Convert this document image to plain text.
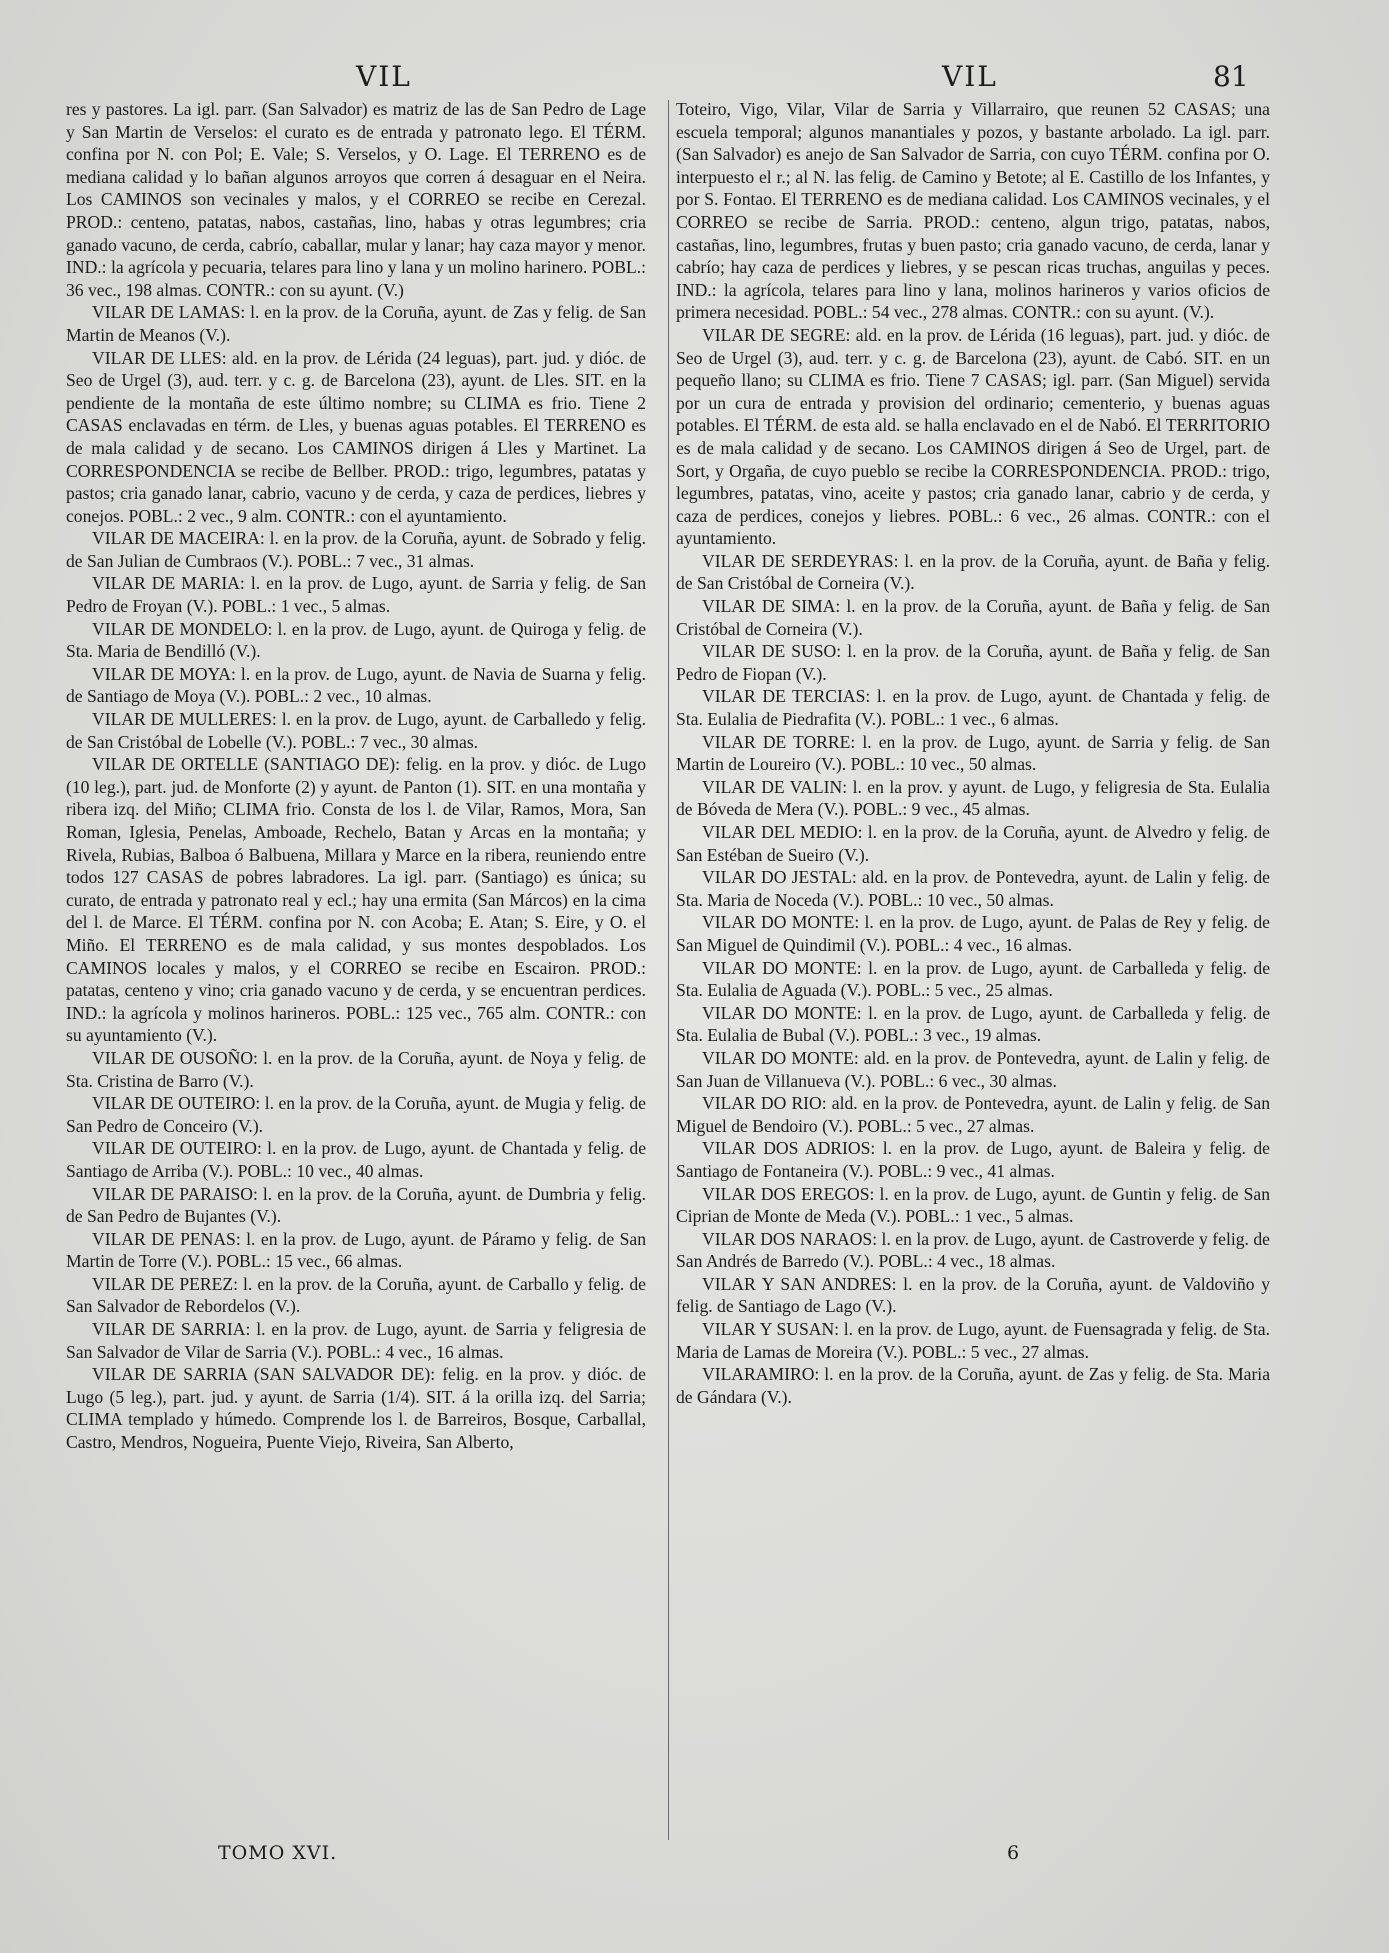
VIL	VIL	81

res y pastores. La igl. parr. (San Salvador) es matriz de las de San Pedro de Lage y San Martin de Verselos: el curato es de entrada y patronato lego. El TÉRM. confina por N. con Pol; E. Vale; S. Verselos, y O. Lage. El TERRENO es de mediana calidad y lo bañan algunos arroyos que corren á desaguar en el Neira. Los CAMINOS son vecinales y malos, y el CORREO se recibe en Cerezal. PROD.: centeno, patatas, nabos, castañas, lino, habas y otras legumbres; cria ganado vacuno, de cerda, cabrío, caballar, mular y lanar; hay caza mayor y menor. IND.: la agrícola y pecuaria, telares para lino y lana y un molino harinero. POBL.: 36 vec., 198 almas. CONTR.: con su ayunt. (V.)

VILAR DE LAMAS: l. en la prov. de la Coruña, ayunt. de Zas y felig. de San Martin de Meanos (V.).

VILAR DE LLES: ald. en la prov. de Lérida (24 leguas), part. jud. y dióc. de Seo de Urgel (3), aud. terr. y c. g. de Barcelona (23), ayunt. de Lles. SIT. en la pendiente de la montaña de este último nombre; su CLIMA es frio. Tiene 2 CASAS enclavadas en térm. de Lles, y buenas aguas potables. El TERRENO es de mala calidad y de secano. Los CAMINOS dirigen á Lles y Martinet. La CORRESPONDENCIA se recibe de Bellber. PROD.: trigo, legumbres, patatas y pastos; cria ganado lanar, cabrio, vacuno y de cerda, y caza de perdices, liebres y conejos. POBL.: 2 vec., 9 alm. CONTR.: con el ayuntamiento.

VILAR DE MACEIRA: l. en la prov. de la Coruña, ayunt. de Sobrado y felig. de San Julian de Cumbraos (V.). POBL.: 7 vec., 31 almas.

VILAR DE MARIA: l. en la prov. de Lugo, ayunt. de Sarria y felig. de San Pedro de Froyan (V.). POBL.: 1 vec., 5 almas.

VILAR DE MONDELO: l. en la prov. de Lugo, ayunt. de Quiroga y felig. de Sta. Maria de Bendilló (V.).

VILAR DE MOYA: l. en la prov. de Lugo, ayunt. de Navia de Suarna y felig. de Santiago de Moya (V.). POBL.: 2 vec., 10 almas.

VILAR DE MULLERES: l. en la prov. de Lugo, ayunt. de Carballedo y felig. de San Cristóbal de Lobelle (V.). POBL.: 7 vec., 30 almas.

VILAR DE ORTELLE (SANTIAGO DE): felig. en la prov. y dióc. de Lugo (10 leg.), part. jud. de Monforte (2) y ayunt. de Panton (1). SIT. en una montaña y ribera izq. del Miño; CLIMA frio. Consta de los l. de Vilar, Ramos, Mora, San Roman, Iglesia, Penelas, Amboade, Rechelo, Batan y Arcas en la montaña; y Rivela, Rubias, Balboa ó Balbuena, Millara y Marce en la ribera, reuniendo entre todos 127 CASAS de pobres labradores. La igl. parr. (Santiago) es única; su curato, de entrada y patronato real y ecl.; hay una ermita (San Márcos) en la cima del l. de Marce. El TÉRM. confina por N. con Acoba; E. Atan; S. Eire, y O. el Miño. El TERRENO es de mala calidad, y sus montes despoblados. Los CAMINOS locales y malos, y el CORREO se recibe en Escairon. PROD.: patatas, centeno y vino; cria ganado vacuno y de cerda, y se encuentran perdices. IND.: la agrícola y molinos harineros. POBL.: 125 vec., 765 alm. CONTR.: con su ayuntamiento (V.).

VILAR DE OUSOÑO: l. en la prov. de la Coruña, ayunt. de Noya y felig. de Sta. Cristina de Barro (V.).

VILAR DE OUTEIRO: l. en la prov. de la Coruña, ayunt. de Mugia y felig. de San Pedro de Conceiro (V.).

VILAR DE OUTEIRO: l. en la prov. de Lugo, ayunt. de Chantada y felig. de Santiago de Arriba (V.). POBL.: 10 vec., 40 almas.

VILAR DE PARAISO: l. en la prov. de la Coruña, ayunt. de Dumbria y felig. de San Pedro de Bujantes (V.).

VILAR DE PENAS: l. en la prov. de Lugo, ayunt. de Páramo y felig. de San Martin de Torre (V.). POBL.: 15 vec., 66 almas.

VILAR DE PEREZ: l. en la prov. de la Coruña, ayunt. de Carballo y felig. de San Salvador de Rebordelos (V.).

VILAR DE SARRIA: l. en la prov. de Lugo, ayunt. de Sarria y feligresia de San Salvador de Vilar de Sarria (V.). POBL.: 4 vec., 16 almas.

VILAR DE SARRIA (SAN SALVADOR DE): felig. en la prov. y dióc. de Lugo (5 leg.), part. jud. y ayunt. de Sarria (1/4). SIT. á la orilla izq. del Sarria; CLIMA templado y húmedo. Comprende los l. de Barreiros, Bosque, Carballal, Castro, Mendros, Nogueira, Puente Viejo, Riveira, San Alberto,

Toteiro, Vigo, Vilar, Vilar de Sarria y Villarrairo, que reunen 52 CASAS; una escuela temporal; algunos manantiales y pozos, y bastante arbolado. La igl. parr. (San Salvador) es anejo de San Salvador de Sarria, con cuyo TÉRM. confina por O. interpuesto el r.; al N. las felig. de Camino y Betote; al E. Castillo de los Infantes, y por S. Fontao. El TERRENO es de mediana calidad. Los CAMINOS vecinales, y el CORREO se recibe de Sarria. PROD.: centeno, algun trigo, patatas, nabos, castañas, lino, legumbres, frutas y buen pasto; cria ganado vacuno, de cerda, lanar y cabrío; hay caza de perdices y liebres, y se pescan ricas truchas, anguilas y peces. IND.: la agrícola, telares para lino y lana, molinos harineros y varios oficios de primera necesidad. POBL.: 54 vec., 278 almas. CONTR.: con su ayunt. (V.).

VILAR DE SEGRE: ald. en la prov. de Lérida (16 leguas), part. jud. y dióc. de Seo de Urgel (3), aud. terr. y c. g. de Barcelona (23), ayunt. de Cabó. SIT. en un pequeño llano; su CLIMA es frio. Tiene 7 CASAS; igl. parr. (San Miguel) servida por un cura de entrada y provision del ordinario; cementerio, y buenas aguas potables. El TÉRM. de esta ald. se halla enclavado en el de Nabó. El TERRITORIO es de mala calidad y de secano. Los CAMINOS dirigen á Seo de Urgel, part. de Sort, y Orgaña, de cuyo pueblo se recibe la CORRESPONDENCIA. PROD.: trigo, legumbres, patatas, vino, aceite y pastos; cria ganado lanar, cabrio y de cerda, y caza de perdices, conejos y liebres. POBL.: 6 vec., 26 almas. CONTR.: con el ayuntamiento.

VILAR DE SERDEYRAS: l. en la prov. de la Coruña, ayunt. de Baña y felig. de San Cristóbal de Corneira (V.).

VILAR DE SIMA: l. en la prov. de la Coruña, ayunt. de Baña y felig. de San Cristóbal de Corneira (V.).

VILAR DE SUSO: l. en la prov. de la Coruña, ayunt. de Baña y felig. de San Pedro de Fiopan (V.).

VILAR DE TERCIAS: l. en la prov. de Lugo, ayunt. de Chantada y felig. de Sta. Eulalia de Piedrafita (V.). POBL.: 1 vec., 6 almas.

VILAR DE TORRE: l. en la prov. de Lugo, ayunt. de Sarria y felig. de San Martin de Loureiro (V.). POBL.: 10 vec., 50 almas.

VILAR DE VALIN: l. en la prov. y ayunt. de Lugo, y feligresia de Sta. Eulalia de Bóveda de Mera (V.). POBL.: 9 vec., 45 almas.

VILAR DEL MEDIO: l. en la prov. de la Coruña, ayunt. de Alvedro y felig. de San Estéban de Sueiro (V.).

VILAR DO JESTAL: ald. en la prov. de Pontevedra, ayunt. de Lalin y felig. de Sta. Maria de Noceda (V.). POBL.: 10 vec., 50 almas.

VILAR DO MONTE: l. en la prov. de Lugo, ayunt. de Palas de Rey y felig. de San Miguel de Quindimil (V.). POBL.: 4 vec., 16 almas.

VILAR DO MONTE: l. en la prov. de Lugo, ayunt. de Carballeda y felig. de Sta. Eulalia de Aguada (V.). POBL.: 5 vec., 25 almas.

VILAR DO MONTE: l. en la prov. de Lugo, ayunt. de Carballeda y felig. de Sta. Eulalia de Bubal (V.). POBL.: 3 vec., 19 almas.

VILAR DO MONTE: ald. en la prov. de Pontevedra, ayunt. de Lalin y felig. de San Juan de Villanueva (V.). POBL.: 6 vec., 30 almas.

VILAR DO RIO: ald. en la prov. de Pontevedra, ayunt. de Lalin y felig. de San Miguel de Bendoiro (V.). POBL.: 5 vec., 27 almas.

VILAR DOS ADRIOS: l. en la prov. de Lugo, ayunt. de Baleira y felig. de Santiago de Fontaneira (V.). POBL.: 9 vec., 41 almas.

VILAR DOS EREGOS: l. en la prov. de Lugo, ayunt. de Guntin y felig. de San Ciprian de Monte de Meda (V.). POBL.: 1 vec., 5 almas.

VILAR DOS NARAOS: l. en la prov. de Lugo, ayunt. de Castroverde y felig. de San Andrés de Barredo (V.). POBL.: 4 vec., 18 almas.

VILAR Y SAN ANDRES: l. en la prov. de la Coruña, ayunt. de Valdoviño y felig. de Santiago de Lago (V.).

VILAR Y SUSAN: l. en la prov. de Lugo, ayunt. de Fuensagrada y felig. de Sta. Maria de Lamas de Moreira (V.). POBL.: 5 vec., 27 almas.

VILARAMIRO: l. en la prov. de la Coruña, ayunt. de Zas y felig. de Sta. Maria de Gándara (V.).

TOMO XVI.	6
